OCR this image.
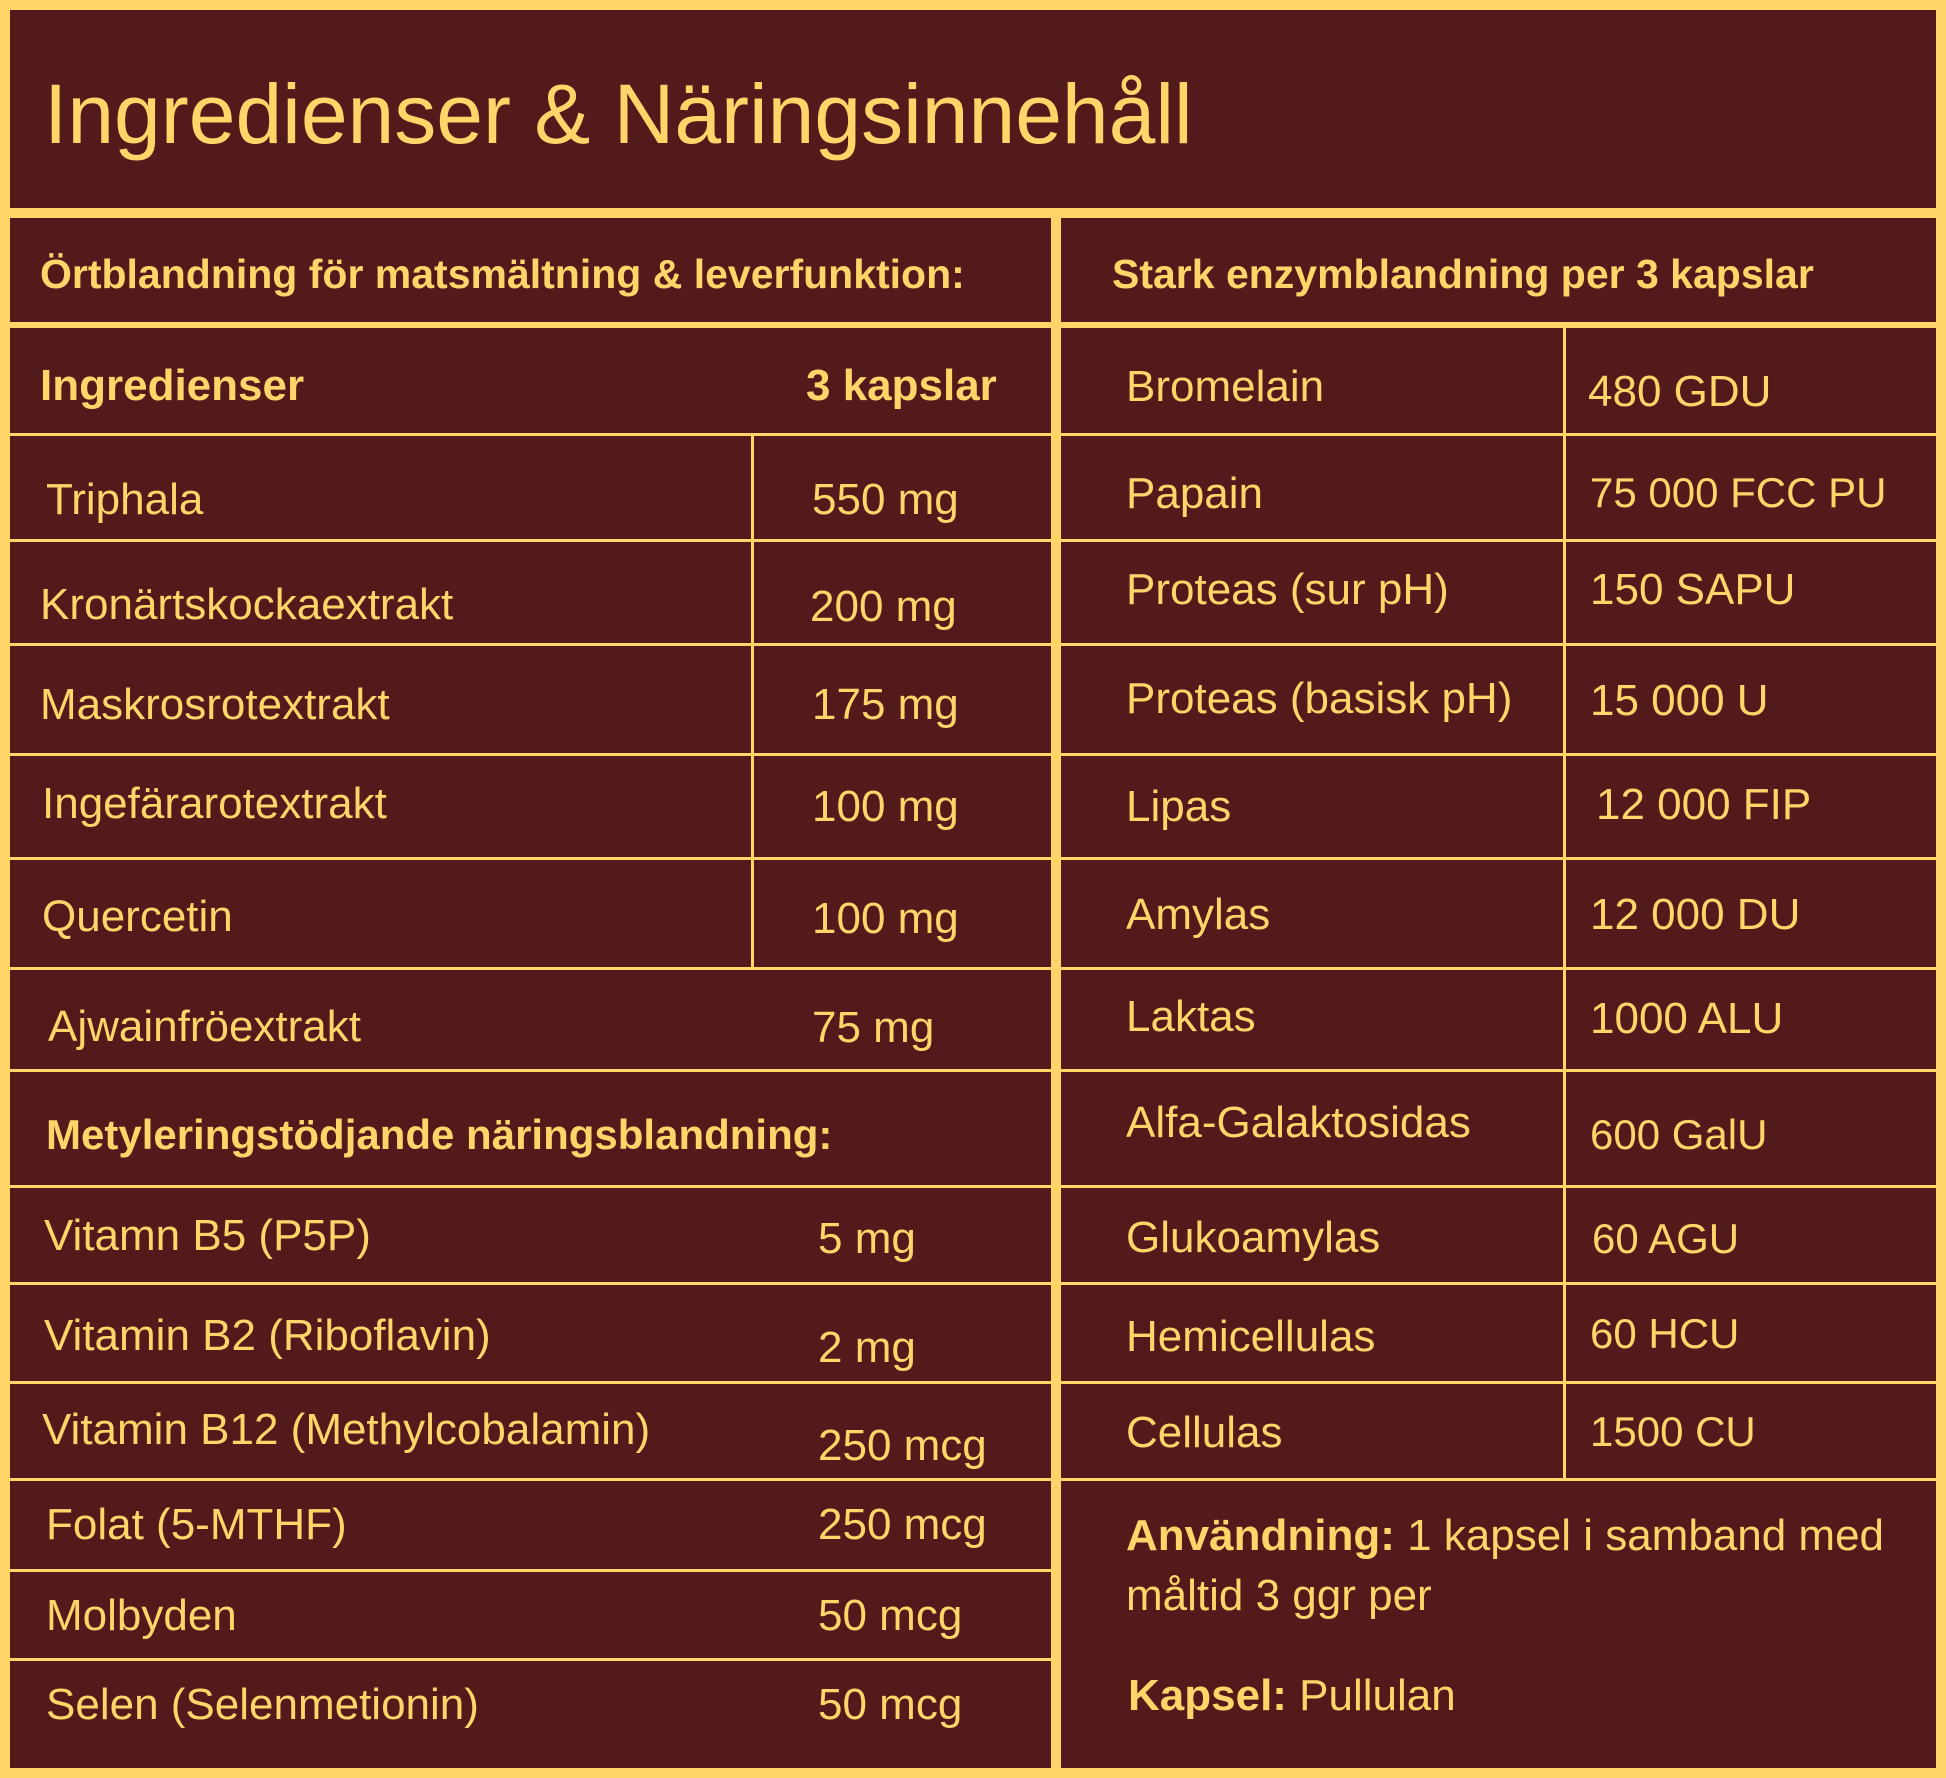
Ingredienser & Näringsinnehåll
Örtblandning för matsmältning & leverfunktion:	Stark enzymblandning per 3 kapslar
Ingredienser	3 kapslar
Triphala	550 mg
Kronärtskockaextrakt	200 mg
Maskrosrotextrakt	175 mg
Ingefärarotextrakt	100 mg
Quercetin	100 mg
Ajwainfröextrakt	75 mg
Metyleringstödjande näringsblandning:
Vitamn B5 (P5P)	5 mg
Vitamin B2 (Riboflavin)	2 mg
Vitamin B12 (Methylcobalamin)	250 mcg
Folat (5-MTHF)	250 mcg
Molbyden	50 mcg
Selen (Selenmetionin)	50 mcg
Bromelain	480 GDU
Papain	75 000 FCC PU
Proteas (sur pH)	150 SAPU
Proteas (basisk pH) 15 000 U
Lipas	12 000 FIP
Amylas	12 000 DU
Laktas	1000 ALU
Alfa-Galaktosidas	600 GalU
Glukoamylas	60 AGU
Hemicellulas	60 HCU
Cellulas	1500 CU
Användning: 1 kapsel i samband med måltid 3 ggr per
Kapsel: Pullulan
